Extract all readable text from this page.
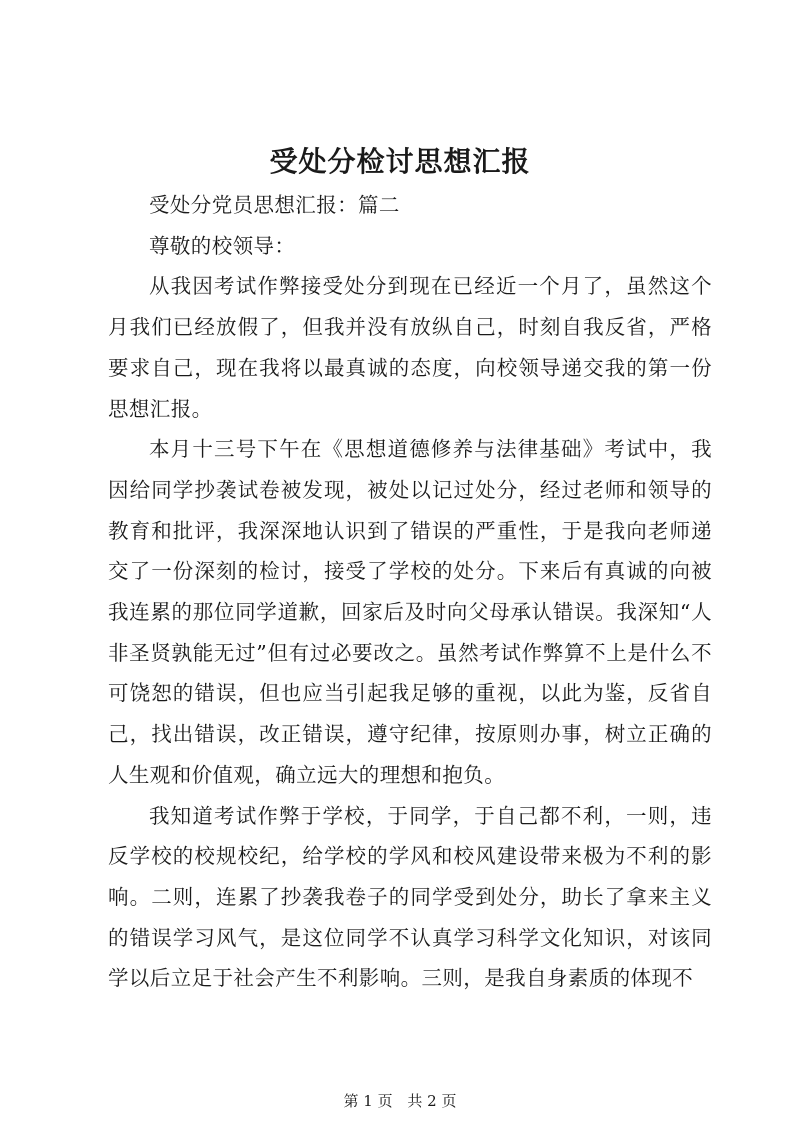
受处分检讨思想汇报

受处分党员思想汇报：篇二

尊敬的校领导：

从我因考试作弊接受处分到现在已经近一个月了，虽然这个月我们已经放假了，但我并没有放纵自己，时刻自我反省，严格要求自己，现在我将以最真诚的态度，向校领导递交我的第一份思想汇报。

本月十三号下午在《思想道德修养与法律基础》考试中，我因给同学抄袭试卷被发现，被处以记过处分，经过老师和领导的教育和批评，我深深地认识到了错误的严重性，于是我向老师递交了一份深刻的检讨，接受了学校的处分。下来后有真诚的向被我连累的那位同学道歉，回家后及时向父母承认错误。我深知“人非圣贤孰能无过”但有过必要改之。虽然考试作弊算不上是什么不可饶恕的错误，但也应当引起我足够的重视，以此为鉴，反省自己，找出错误，改正错误，遵守纪律，按原则办事，树立正确的人生观和价值观，确立远大的理想和抱负。

我知道考试作弊于学校，于同学，于自己都不利，一则，违反学校的校规校纪，给学校的学风和校风建设带来极为不利的影响。二则，连累了抄袭我卷子的同学受到处分，助长了拿来主义的错误学习风气，是这位同学不认真学习科学文化知识，对该同学以后立足于社会产生不利影响。三则，是我自身素质的体现不

第 1 页 共 2 页
